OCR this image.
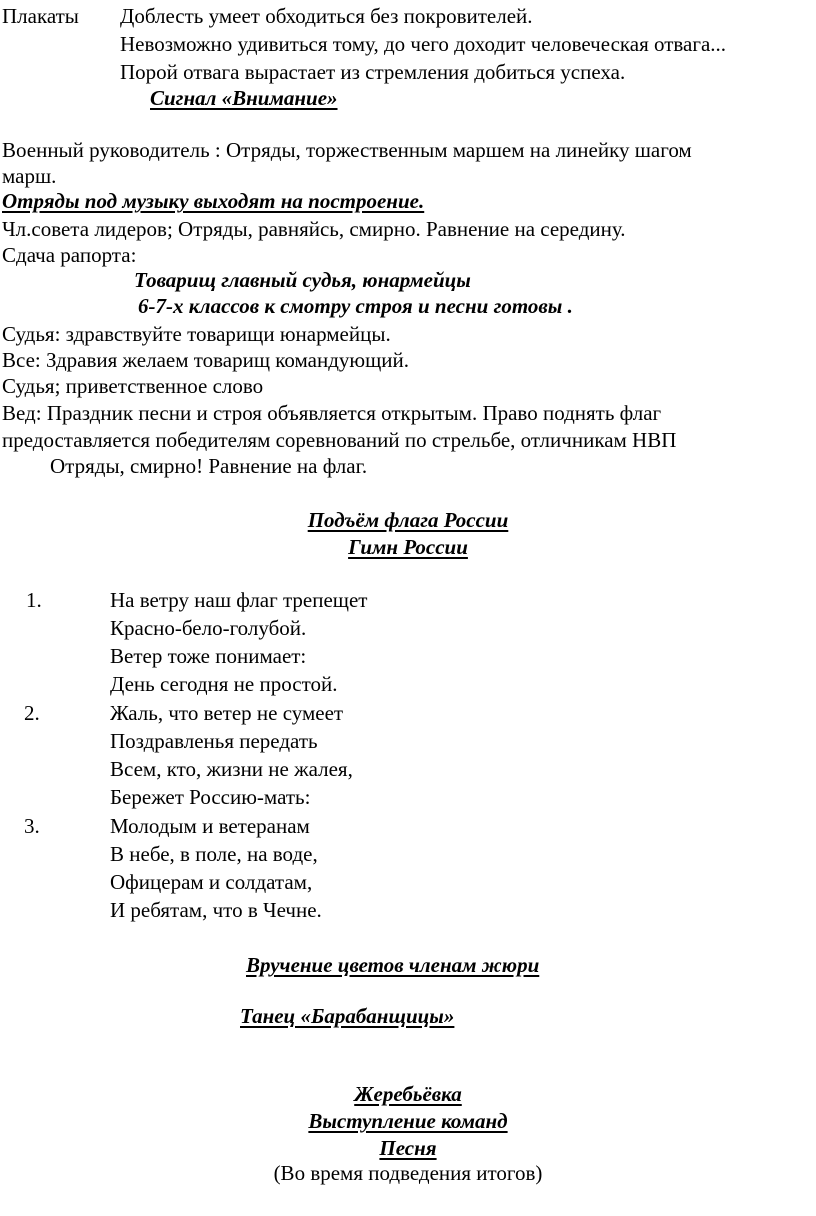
Плакаты Доблесть умеет обходиться без покровителей.
Невозможно удивиться тому, до чего доходит человеческая отвага...
Порой отвага вырастает из стремления добиться успеха.
Сигнал «Внимание»
Военный руководитель : Отряды, торжественным маршем на линейку шагом
марш.
Отряды под музыку выходят на построение.
Чл.совета лидеров; Отряды, равняйсь, смирно. Равнение на середину.
Сдача рапорта:
Товарищ главный судья, юнармейцы
6-7-х классов к смотру строя и песни готовы .
Судья: здравствуйте товарищи юнармейцы.
Все: Здравия желаем товарищ командующий.
Судья; приветственное слово
Вед: Праздник песни и строя объявляется открытым. Право поднять флаг
предоставляется победителям соревнований по стрельбе, отличникам НВП
Отряды, смирно! Равнение на флаг.
Подъём флага России
Гимн России
1.	На ветру наш флаг трепещет
Красно-бело-голубой.
Ветер тоже понимает:
День сегодня не простой.
2.	Жаль, что ветер не сумеет
Поздравленья передать
Всем, кто, жизни не жалея,
Бережет Россию-мать:
3.	Молодым и ветеранам
В небе, в поле, на воде,
Офицерам и солдатам,
И ребятам, что в Чечне.
Вручение цветов членам жюри
Танец «Барабанщицы»
Жеребьёвка
Выступление команд
Песня
(Во время подведения итогов)
